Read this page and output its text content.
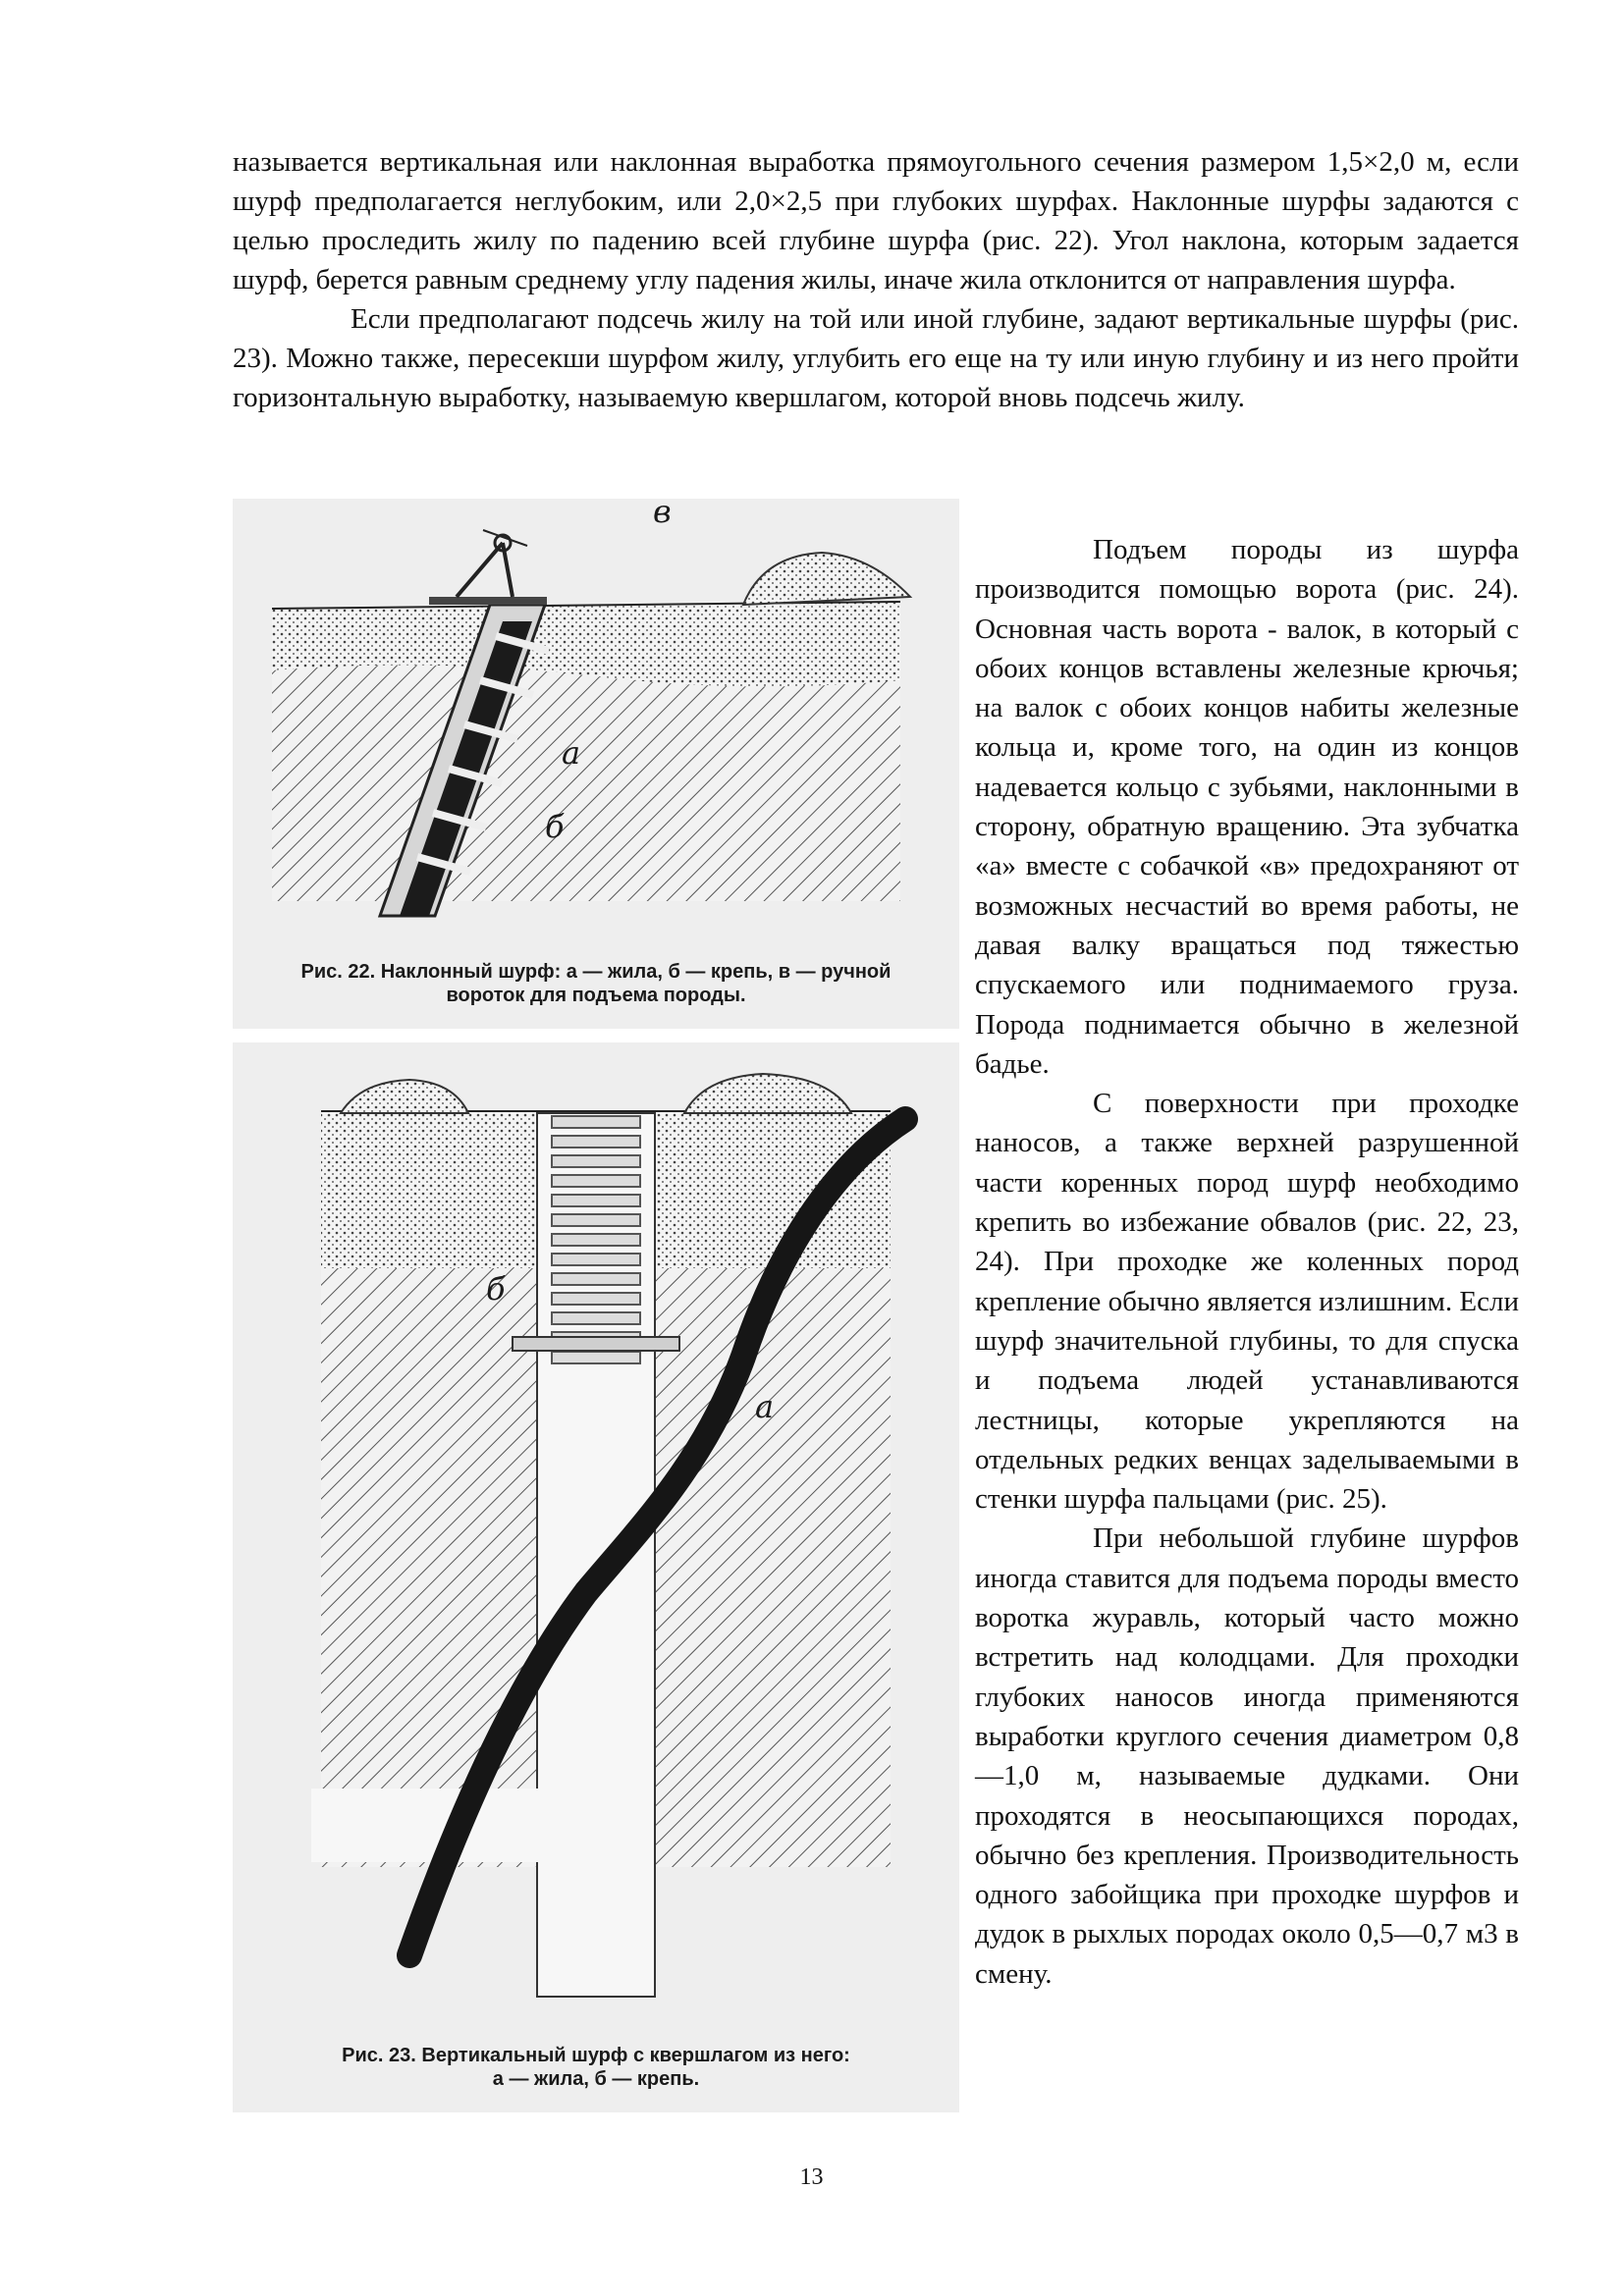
называется вертикальная или наклонная выработка прямоугольного сечения размером 1,5×2,0 м, если шурф предполагается неглубоким, или 2,0×2,5 при глубоких шурфах. Наклонные шурфы задаются с целью проследить жилу по падению всей глубине шурфа (рис. 22). Угол наклона, которым задается шурф, берется равным среднему углу падения жилы, иначе жила отклонится от направления шурфа.

Если предполагают подсечь жилу на той или иной глубине, задают вертикальные шурфы (рис. 23). Можно также, пересекши шурфом жилу, углубить его еще на ту или иную глубину и из него пройти горизонтальную выработку, называемую квершлагом, которой вновь подсечь жилу.

в
а
б
Рис. 22. Наклонный шурф: а — жила, б — крепь, в — ручной
вороток для подъема породы.
б
а
Рис. 23. Вертикальный шурф с квершлагом из него:
а — жила, б — крепь.

Подъем породы из шурфа производится помощью ворота (рис. 24). Основная часть ворота - валок, в который с обоих концов вставлены железные крючья; на валок с обоих концов набиты железные кольца и, кроме того, на один из концов надевается кольцо с зубьями, наклонными в сторону, обратную вращению. Эта зубчатка «а» вместе с собачкой «в» предохраняют от возможных несчастий во время работы, не давая валку вращаться под тяжестью спускаемого или поднимаемого груза. Порода поднимается обычно в железной бадье.

С поверхности при проходке наносов, а также верхней разрушенной части коренных пород шурф необходимо крепить во избежание обвалов (рис. 22, 23, 24). При проходке же коленных пород крепление обычно является излишним. Если шурф значительной глубины, то для спуска и подъема людей устанавливаются лестницы, которые укрепляются на отдельных редких венцах заделываемыми в стенки шурфа пальцами (рис. 25).

При небольшой глубине шурфов иногда ставится для подъема породы вместо воротка журавль, который часто можно встретить над колодцами. Для проходки глубоких наносов иногда применяются выработки круглого сечения диаметром 0,8—1,0 м, называемые дудками. Они проходятся в неосыпающихся породах, обычно без крепления. Производительность одного забойщика при проходке шурфов и дудок в рыхлых породах около 0,5—0,7 м3 в смену.

13
